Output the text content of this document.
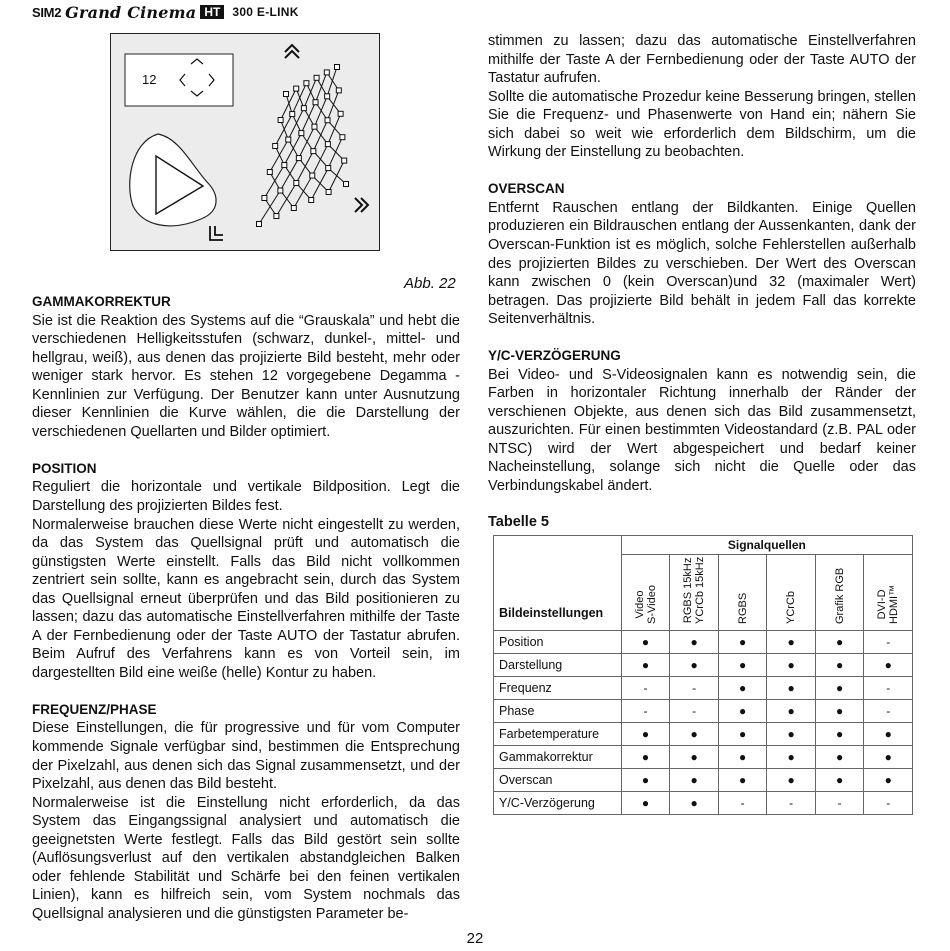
SIM2 Grand Cinema HT	300 E-LINK
12
Abb. 22
GAMMAKORREKTUR

Sie ist die Reaktion des Systems auf die “Grauskala” und hebt die verschiedenen Helligkeitsstufen (schwarz, dunkel-, mittel- und hellgrau, weiß), aus denen das projizierte Bild besteht, mehr oder weniger stark hervor. Es stehen 12 vorgegebene Degamma - Kennlinien zur Verfügung. Der Benutzer kann unter Ausnutzung dieser Kennlinien die Kurve wählen, die die Darstellung der verschiedenen Quellarten und Bilder optimiert.

POSITION

Reguliert die horizontale und vertikale Bildposition. Legt die Darstellung des projizierten Bildes fest.

Normalerweise brauchen diese Werte nicht eingestellt zu werden, da das System das Quellsignal prüft und automatisch die günstigsten Werte einstellt. Falls das Bild nicht vollkommen zentriert sein sollte, kann es angebracht sein, durch das System das Quellsignal erneut überprüfen und das Bild positionieren zu lassen; dazu das automatische Einstellverfahren mithilfe der Taste A der Fernbedienung oder der Taste AUTO der Tastatur abrufen. Beim Aufruf des Verfahrens kann es von Vorteil sein, im dargestellten Bild eine weiße (helle) Kontur zu haben.

FREQUENZ/PHASE

Diese Einstellungen, die für progressive und für vom Computer kommende Signale verfügbar sind, bestimmen die Entsprechung der Pixelzahl, aus denen sich das Signal zusammensetzt, und der Pixelzahl, aus denen das Bild besteht.

Normalerweise ist die Einstellung nicht erforderlich, da das System das Eingangssignal analysiert und automatisch die geeignetsten Werte festlegt. Falls das Bild gestört sein sollte (Auflösungsverlust auf den vertikalen abstandgleichen Balken oder fehlende Stabilität und Schärfe bei den feinen vertikalen Linien), kann es hilfreich sein, vom System nochmals das Quellsignal analysieren und die günstigsten Parameter be-

stimmen zu lassen; dazu das automatische Einstellverfahren mithilfe der Taste A der Fernbedienung oder der Taste AUTO der Tastatur aufrufen.

Sollte die automatische Prozedur keine Besserung bringen, stellen Sie die Frequenz- und Phasenwerte von Hand ein; nähern Sie sich dabei so weit wie erforderlich dem Bildschirm, um die Wirkung der Einstellung zu beobachten.

OVERSCAN

Entfernt Rauschen entlang der Bildkanten. Einige Quellen produzieren ein Bildrauschen entlang der Aussenkanten, dank der Overscan-Funktion ist es möglich, solche Fehlerstellen außerhalb des projizierten Bildes zu verschieben. Der Wert des Overscan kann zwischen 0 (kein Overscan)und 32 (maximaler Wert) betragen. Das projizierte Bild behält in jedem Fall das korrekte Seitenverhältnis.

Y/C-VERZÖGERUNG

Bei Video- und S-Videosignalen kann es notwendig sein, die Farben in horizontaler Richtung innerhalb der Ränder der verschienen Objekte, aus denen sich das Bild zusammensetzt, auszurichten. Für einen bestimmten Videostandard (z.B. PAL oder NTSC) wird der Wert abgespeichert und bedarf keiner Nacheinstellung, solange sich nicht die Quelle oder das Verbindungskabel ändert.

Tabelle 5
Bildeinstellungen	Signalquellen					

	Video S-Video	RGBS 15kHz YCrCb 15kHz	RGBS	YCrCb	Grafik RGB	DVI-D HDMI™

Position	●	●	●	●	●	-
Darstellung	●	●	●	●	●	●
Frequenz	-	-	●	●	●	-
Phase	-	-	●	●	●	-
Farbetemperature	●	●	●	●	●	●
Gammakorrektur	●	●	●	●	●	●
Overscan	●	●	●	●	●	●
Y/C-Verzögerung	●	●	-	-	-	-
22
